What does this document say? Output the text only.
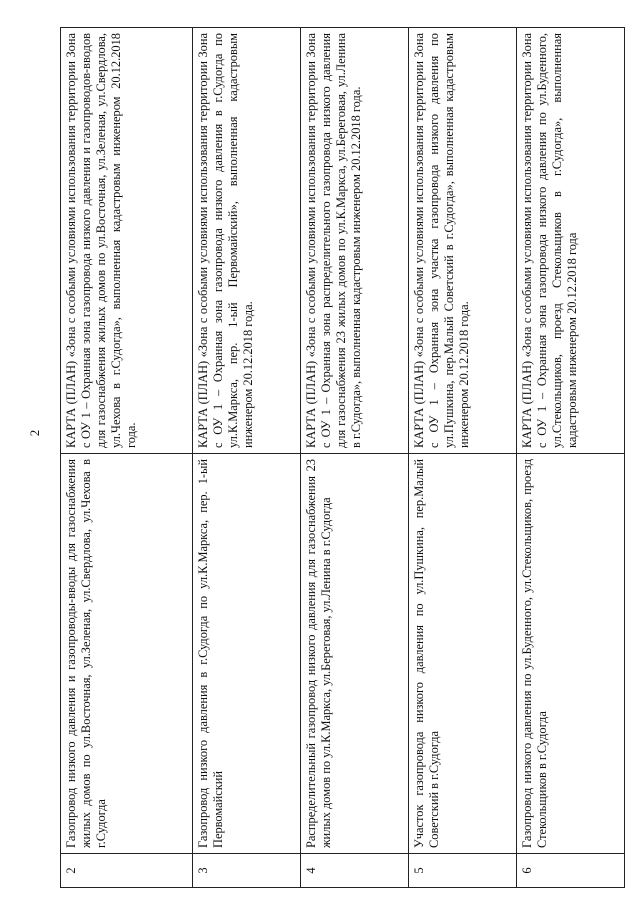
2
2	Газопровод низкого давления и газопроводы-вводы для газоснабжения жилых домов по ул.Восточная, ул.Зеленая, ул.Свердлова, ул.Чехова в г.Судогда	КАРТА (ПЛАН) «Зона с особыми условиями использования территории Зона с ОУ 1 – Охранная зона газопровода низкого давления и газопроводов-вводов для газоснабжения жилых домов по ул.Восточная, ул.Зеленая, ул.Свердлова, ул.Чехова в г.Судогда», выполненная кадастровым инженером 20.12.2018 года.
3	Газопровод низкого давления в г.Судогда по ул.К.Маркса, пер. 1-ый Первомайский	КАРТА (ПЛАН) «Зона с особыми условиями использования территории Зона с ОУ 1 – Охранная зона газопровода низкого давления в г.Судогда по ул.К.Маркса, пер. 1-ый Первомайский», выполненная кадастровым инженером 20.12.2018 года.
4	Распределительный газопровод низкого давления для газоснабжения 23 жилых домов по ул.К.Маркса, ул.Береговая, ул.Ленина в г.Судогда	КАРТА (ПЛАН) «Зона с особыми условиями использования территории Зона с ОУ 1 – Охранная зона распределительного газопровода низкого давления для газоснабжения 23 жилых домов по ул.К.Маркса, ул.Береговая, ул.Ленина в г.Судогда», выполненная кадастровым инженером 20.12.2018 года.
5	Участок газопровода низкого давления по ул.Пушкина, пер.Малый Советский в г.Судогда	КАРТА (ПЛАН) «Зона с особыми условиями использования территории Зона с ОУ 1 – Охранная зона участка газопровода низкого давления по ул.Пушкина, пер.Малый Советский в г.Судогда», выполненная кадастровым инженером 20.12.2018 года.
6	Газопровод низкого давления по ул.Буденного, ул.Стекольщиков, проезд Стекольщиков в г.Судогда	КАРТА (ПЛАН) «Зона с особыми условиями использования территории Зона с ОУ 1 – Охранная зона газопровода низкого давления по ул.Буденного, ул.Стекольщиков, проезд Стекольщиков в г.Судогда», выполненная кадастровым инженером 20.12.2018 года
